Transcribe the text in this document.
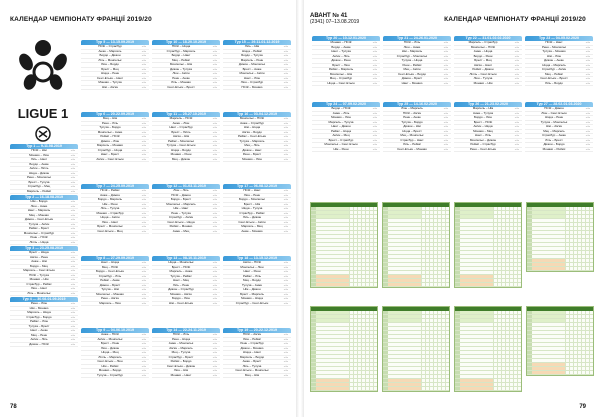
КАЛЕНДАР ЧЕМПІОНАТУ ФРАНЦІЇ 2019/20
LIGUE 1
Тур 1 — 9-11.08.2019
ПСЖ – Нім	–:–
Монако – Ліон	–:–
Ліль – Нант	–:–
Бордо – Анже	–:–
Ам'єн – Лілль	–:–
Ніцца – Дижон	–:–
Ренн – Монпельє	–:–
Брест – Тулуза	–:–
Страсбур – Мец	–:–
Марсель – Реймс	–:–
Тур 2 — 16-18.08.2019
Нім – Бордо	–:–
Ліон – Анже	–:–
Нант – Марсель	–:–
Мец – Монако	–:–
Дижон – Сент-Етьєн	–:–
Тулуза – Ам'єн	–:–
Реймс – Брест	–:–
Монпельє – Страсбур	–:–
Ренн – ПСЖ	–:–
Лілль – Ніцца	–:–
Тур 3 — 23-25.08.2019
Брест – Ніцца	–:–
Ам'єн – Ренн	–:–
Анже – Нім	–:–
Бордо – Мец	–:–
Марсель – Сент-Етьєн	–:–
ПСЖ – Тулуза	–:–
Монако – Нім	–:–
Страсбур – Реймс	–:–
Ліон – Нант	–:–
Ліль – Монпельє	–:–
Тур 4 — 30.08-01.09.2019
Ренн – Ліон	–:–
Нім – Монако	–:–
Марсель – Ніцца	–:–
Страсбур – Бордо	–:–
Реймс – Ліон	–:–
Тулуза – Брест	–:–
Нант – Анже	–:–
Мец – Ренн	–:–
Ам'єн – Ліль	–:–
Дижон – ПСЖ	–:–
Тур 5 — 13-15.09.2019
ПСЖ – Страсбур	–:–
Анже – Марсель	–:–
Бордо – Дижон	–:–
Ліль – Монпельє	–:–
Ліон – Бордо	–:–
Брест – Мец	–:–
Ніцца – Ренн	–:–
Сент-Етьєн – Нант	–:–
Монако – Тулуза	–:–
Нім – Ам'єн	–:–
Тур 6 — 20-22.09.2019
Мец – Нім	–:–
Ренн – Ліль	–:–
Тулуза – Бордо	–:–
Монпельє – Анже	–:–
Реймс – ПСЖ	–:–
Дижон – Ліон	–:–
Марсель – Монако	–:–
Страсбур – Ніцца	–:–
Нант – Брест	–:–
Ам'єн – Сент-Етьєн	–:–
Тур 7 — 24-25.09.2019
ПСЖ – Реймс	–:–
Анже – Дижон	–:–
Бордо – Марсель	–:–
Нім – Ренн	–:–
Ліль – Тулуза	–:–
Монако – Страсбур	–:–
Ніцца – Ам'єн	–:–
Ліон – Нант	–:–
Брест – Монпельє	–:–
Сент-Етьєн – Мец	–:–
Тур 8 — 27-29.09.2019
Нант – Ніцца	–:–
Мец – ПСЖ	–:–
Бордо – Сент-Етьєн	–:–
Страсбур – Ліль	–:–
Реймс – Анже	–:–
Дижон – Брест	–:–
Тулуза – Нім	–:–
Монпельє – Монако	–:–
Ренн – Ам'єн	–:–
Марсель – Ліон	–:–
Тур 9 — 04-06.10.2019
Анже – ПСЖ	–:–
Ам'єн – Монпельє	–:–
Брест – Ренн	–:–
Ліон – Дижон	–:–
Ніцца – Мец	–:–
Лілль – Марсель	–:–
Сент-Етьєн – Ліон	–:–
Нім – Реймс	–:–
Монако – Бордо	–:–
Тулуза – Страсбур	–:–
Тур 10 — 18-20.10.2019
ПСЖ – Ніцца	–:–
Страсбур – Марсель	–:–
Бордо – Нант	–:–
Мец – Реймс	–:–
Монпельє – Нім	–:–
Дижон – Тулуза	–:–
Ліон – Ам'єн	–:–
Ренн – Анже	–:–
Ліль – Монако	–:–
Сент-Етьєн – Брест	–:–
Тур 11 — 25-27.10.2019
Марсель – ПСЖ	–:–
Анже – Ліон	–:–
Нант – Страсбур	–:–
Брест – Лілль	–:–
Ам'єн – Нім	–:–
Реймс – Монпельє	–:–
Тулуза – Сент-Етьєн	–:–
Ніцца – Бордо	–:–
Монако – Ренн	–:–
Мец – Дижон	–:–
Тур 12 — 01-03.11.2019
Ліон – Ліль	–:–
ПСЖ – Дижон	–:–
Бордо – Брест	–:–
Монпельє – Марсель	–:–
Нім – Нант	–:–
Ренн – Тулуза	–:–
Страсбур – Ам'єн	–:–
Сент-Етьєн – Ніцца	–:–
Реймс – Монако	–:–
Анже – Мец	–:–
Тур 13 — 08-10.11.2019
Ніцца – Монпельє	–:–
Брест – ПСЖ	–:–
Марсель – Анже	–:–
Тулуза – Реймс	–:–
Нант – Мец	–:–
Ліль – Ренн	–:–
Дижон – Страсбур	–:–
Монако – Ам'єн	–:–
Бордо – Ліон	–:–
Нім – Сент-Етьєн	–:–
Тур 14 — 22-24.11.2019
ПСЖ – Ліль	–:–
Ренн – Ніцца	–:–
Анже – Монпельє	–:–
Ам'єн – Марсель	–:–
Мец – Тулуза	–:–
Страсбур – Брест	–:–
Реймс – Бордо	–:–
Сент-Етьєн – Дижон	–:–
Ліон – Нім	–:–
Монако – Нант	–:–
Тур 15 — 29.11-01.12.2019
Ліль – Нім	–:–
Ніцца – Реймс	–:–
Бордо – Тулуза	–:–
Марсель – Ренн	–:–
Дижон – Монпельє	–:–
Брест – Анже	–:–
Монпельє – Ам'єн	–:–
Нант – Ліон	–:–
Ліон – Страсбур	–:–
ПСЖ – Монако	–:–
Тур 16 — 03-04.12.2019
Монпельє – ПСЖ	–:–
Анже – Страсбур	–:–
Нім – Ніцца	–:–
Ам'єн – Бордо	–:–
Реймс – Сент-Етьєн	–:–
Тулуза – Марсель	–:–
Мец – Ліль	–:–
Дижон – Нант	–:–
Ренн – Брест	–:–
Монако – Ліон	–:–
Тур 17 — 06-08.12.2019
ПСЖ – Нант	–:–
Ліон – Ренн	–:–
Бордо – Монпельє	–:–
Брест – Нім	–:–
Ніцца – Тулуза	–:–
Страсбур – Реймс	–:–
Ліль – Дижон	–:–
Сент-Етьєн – Ам'єн	–:–
Марсель – Мец	–:–
Анже – Монако	–:–
Тур 18 — 13-15.12.2019
Ам'єн – ПСЖ	–:–
Монпельє – Ліон	–:–
Нант – Ренн	–:–
Реймс – Ліль	–:–
Мец – Бордо	–:–
Тулуза – Анже	–:–
Нім – Дижон	–:–
Брест – Марсель	–:–
Монако – Ніцца	–:–
Страсбур – Сент-Етьєн	–:–
Тур 19 — 20-22.12.2019
ПСЖ – Ам'єн	–:–
Ліон – Реймс	–:–
Ренн – Страсбур	–:–
Дижон – Монако	–:–
Ніцца – Нант	–:–
Марсель – Бордо	–:–
Анже – Брест	–:–
Ліль – Тулуза	–:–
Сент-Етьєн – Монпельє	–:–
Мец – Нім	–:–
78
АВАНТ № 41
(2341) 07–13.08.2019	КАЛЕНДАР ЧЕМПІОНАТУ ФРАНЦІЇ 2019/20
Тур 20 — 10-12.01.2020
Монако – ПСЖ	–:–
Бордо – Анже	–:–
Нант – Тулуза	–:–
Ам'єн – Ліль	–:–
Дижон – Ренн	–:–
Брест – Ліон	–:–
Реймс – Марсель	–:–
Монпельє – Нім	–:–
Мец – Страсбур	–:–
Ніцца – Сент-Етьєн	–:–
Тур 21 — 24-26.01.2020
ПСЖ – Ліль	–:–
Ліон – Анже	–:–
Нім – Марсель	–:–
Страсбур – Монпельє	–:–
Тулуза – Ніцца	–:–
Ренн – Реймс	–:–
Мец – Ам'єн	–:–
Сент-Етьєн – Бордо	–:–
Дижон – Брест	–:–
Нант – Монако	–:–
Тур 22 — 31.01-02.02.2020
Марсель – Страсбур	–:–
Монпельє – ПСЖ	–:–
Анже – Ніцца	–:–
Бордо – Ренн	–:–
Брест – Мец	–:–
Ам'єн – Нант	–:–
Реймс – Дижон	–:–
Лілль – Сент-Етьєн	–:–
Ліон – Тулуза	–:–
Монако – Нім	–:–
Тур 23 — 04-05.02.2020
ПСЖ – Нант	–:–
Ренн – Монпельє	–:–
Тулуза – Монако	–:–
Нім – Ліон	–:–
Дижон – Анже	–:–
Ніцца – Марсель	–:–
Страсбур – Ам'єн	–:–
Мец – Реймс	–:–
Сент-Етьєн – Брест	–:–
Ліль – Бордо	–:–
Тур 24 — 07-09.02.2020
Бордо – ПСЖ	–:–
Анже – Ліль	–:–
Монако – Ліон	–:–
Марсель – Тулуза	–:–
Нант – Дижон	–:–
Реймс – Ніцца	–:–
Ам'єн – Мец	–:–
Брест – Страсбур	–:–
Монпельє – Сент-Етьєн	–:–
Нім – Ренн	–:–
Тур 25 — 14-16.02.2020
Ліон – Марсель	–:–
ПСЖ – Ам'єн	–:–
Ренн – Анже	–:–
Тулуза – Бордо	–:–
Дижон – Нім	–:–
Ніцца – Брест	–:–
Мец – Монпельє	–:–
Страсбур – Нант	–:–
Ліль – Реймс	–:–
Сент-Етьєн – Монако	–:–
Тур 26 — 21-23.02.2020
Марсель – Нім	–:–
Анже – Тулуза	–:–
Бордо – Ліон	–:–
Брест – ПСЖ	–:–
Ам'єн – Ніцца	–:–
Монако – Мец	–:–
Нант – Ліль	–:–
Монпельє – Дижон	–:–
Реймс – Страсбур	–:–
Ренн – Сент-Етьєн	–:–
Тур 27 — 28.02-01.03.2020
ПСЖ – Дижон	–:–
Ліон – Сент-Етьєн	–:–
Ніцца – Ренн	–:–
Тулуза – Монпельє	–:–
Нім – Ам'єн	–:–
Мец – Марсель	–:–
Страсбур – Анже	–:–
Ліль – Брест	–:–
Дижон – Бордо	–:–
Монако – Реймс	–:–
79
